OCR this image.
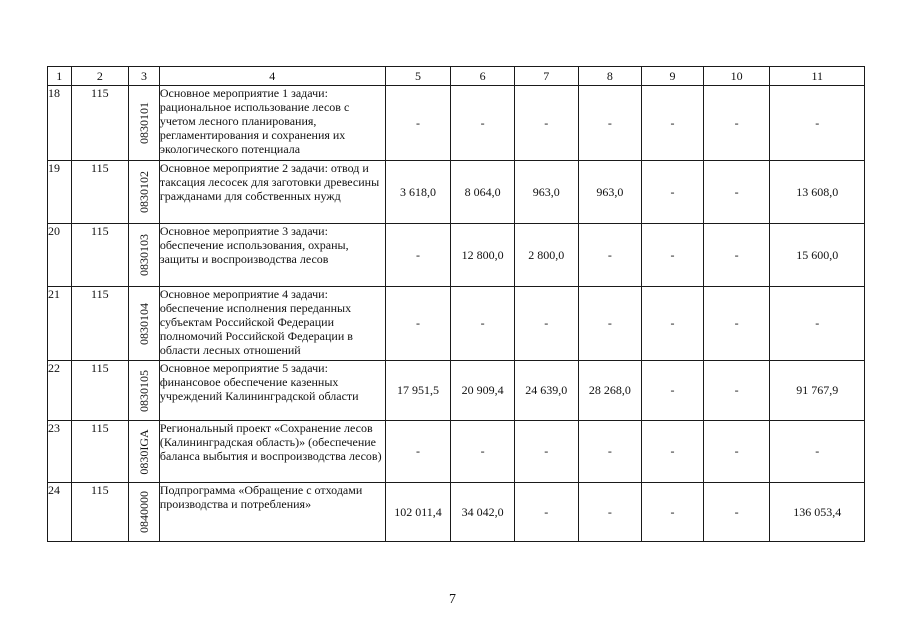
1	2	3	4	5	6	7	8	9	10	11
18	115	0830101	Основное мероприятие 1 задачи: рациональное использование лесов с учетом лесного планирования, регламентирования и сохранения их экологического потенциала	-	-	-	-	-	-	-
19	115	0830102	Основное мероприятие 2 задачи: отвод и таксация лесосек для заготовки древесины гражданами для собственных нужд	3 618,0	8 064,0	963,0	963,0	-	-	13 608,0
20	115	0830103	Основное мероприятие 3 задачи: обеспечение использования, охраны, защиты и воспроизводства лесов	-	12 800,0	2 800,0	-	-	-	15 600,0
21	115	0830104	Основное мероприятие 4 задачи: обеспечение исполнения переданных субъектам Российской Федерации полномочий Российской Федерации в области лесных отношений	-	-	-	-	-	-	-
22	115	0830105	Основное мероприятие 5 задачи: финансовое обеспечение казенных учреждений Калининградской области	17 951,5	20 909,4	24 639,0	28 268,0	-	-	91 767,9
23	115	0830IGA	Региональный проект «Сохранение лесов (Калининградская область)» (обеспечение баланса выбытия и воспроизводства лесов)	-	-	-	-	-	-	-
24	115	0840000	Подпрограмма «Обращение с отходами производства и потребления»	102 011,4	34 042,0	-	-	-	-	136 053,4
7
